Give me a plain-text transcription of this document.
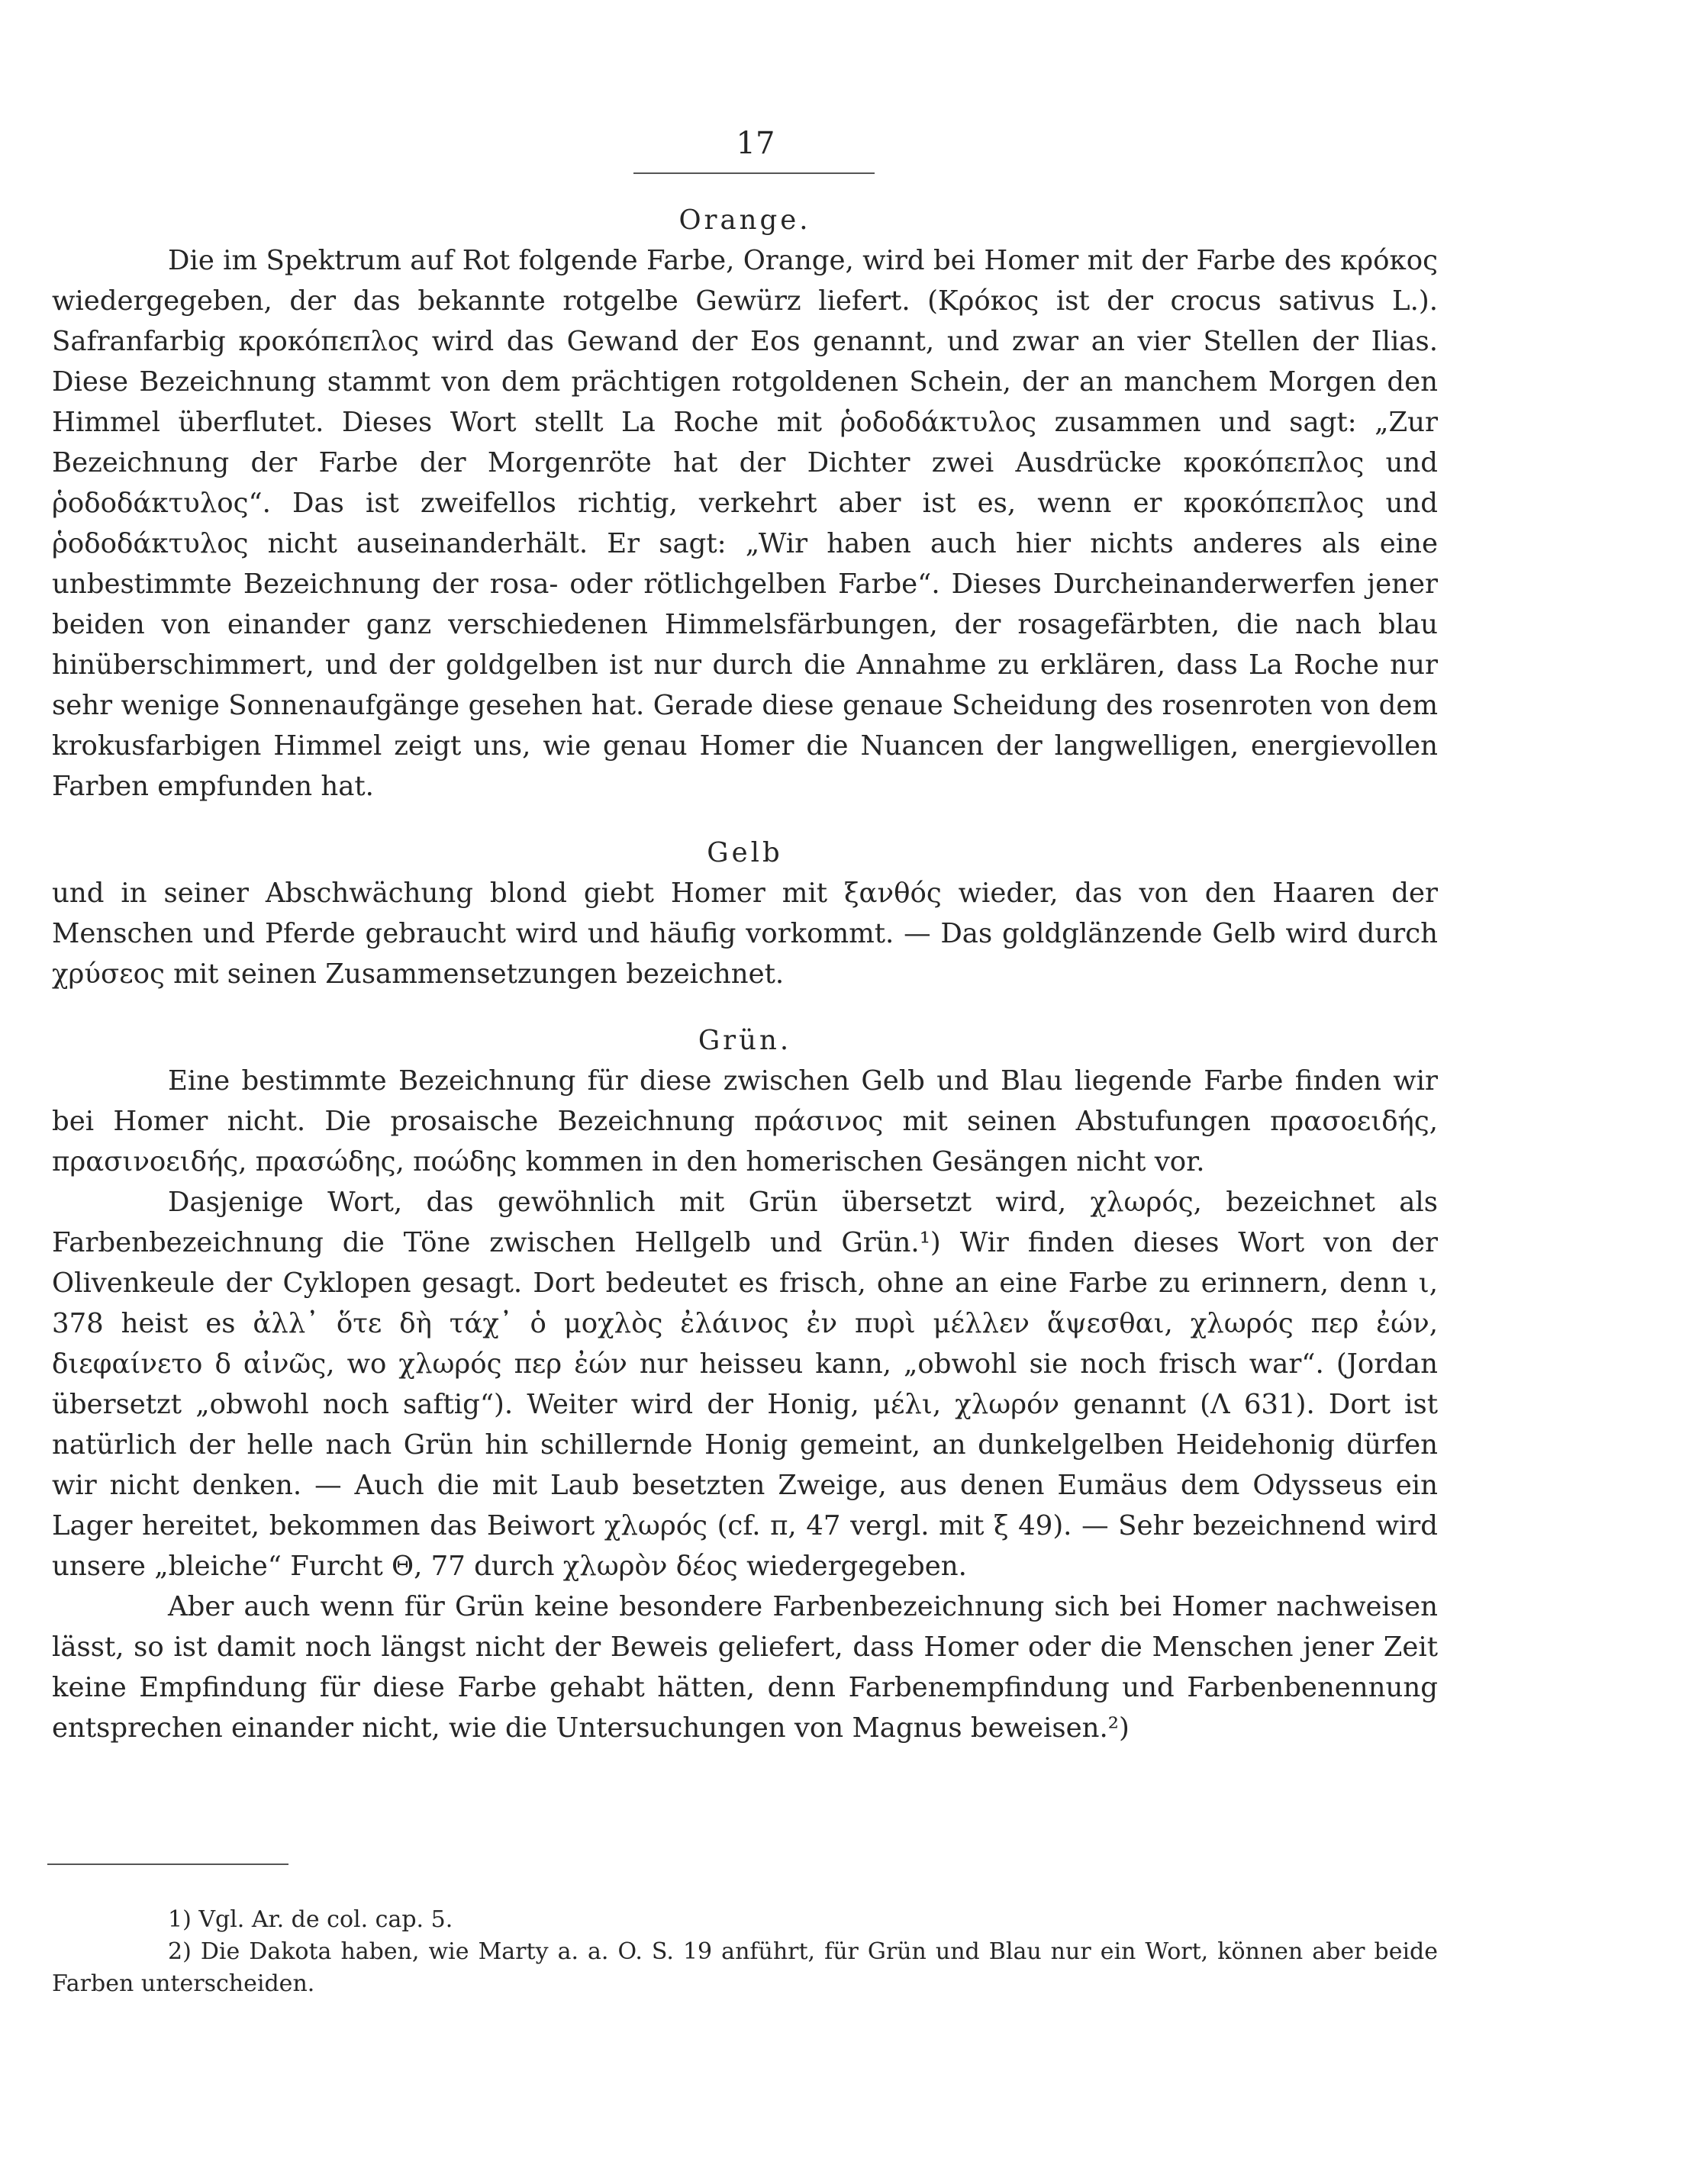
17
Orange.

Die im Spektrum auf Rot folgende Farbe, Orange, wird bei Homer mit der Farbe des κρόκος wiedergegeben, der das bekannte rotgelbe Gewürz liefert. (Κρόκος ist der crocus sativus L.). Safranfarbig κροκόπεπλος wird das Gewand der Eos genannt, und zwar an vier Stellen der Ilias. Diese Bezeichnung stammt von dem prächtigen rotgoldenen Schein, der an manchem Morgen den Himmel überflutet. Dieses Wort stellt La Roche mit ῥοδοδάκτυλος zusammen und sagt: „Zur Bezeichnung der Farbe der Morgenröte hat der Dichter zwei Ausdrücke κροκόπεπλος und ῥοδοδάκτυλος“. Das ist zweifellos richtig, verkehrt aber ist es, wenn er κροκόπεπλος und ῥοδοδάκτυλος nicht auseinanderhält. Er sagt: „Wir haben auch hier nichts anderes als eine unbestimmte Bezeichnung der rosa- oder rötlichgelben Farbe“. Dieses Durcheinanderwerfen jener beiden von einander ganz verschiedenen Himmelsfärbungen, der rosagefärbten, die nach blau hinüberschimmert, und der goldgelben ist nur durch die Annahme zu erklären, dass La Roche nur sehr wenige Sonnenaufgänge gesehen hat. Gerade diese genaue Scheidung des rosenroten von dem krokusfarbigen Himmel zeigt uns, wie genau Homer die Nuancen der langwelligen, energievollen Farben empfunden hat.

Gelb

und in seiner Abschwächung blond giebt Homer mit ξανθός wieder, das von den Haaren der Menschen und Pferde gebraucht wird und häufig vorkommt. — Das goldglänzende Gelb wird durch χρύσεος mit seinen Zusammensetzungen bezeichnet.

Grün.

Eine bestimmte Bezeichnung für diese zwischen Gelb und Blau liegende Farbe finden wir bei Homer nicht. Die prosaische Bezeichnung πράσινος mit seinen Abstufungen πρασοειδής, πρασινοειδής, πρασώδης, ποώδης kommen in den homerischen Gesängen nicht vor.

Dasjenige Wort, das gewöhnlich mit Grün übersetzt wird, χλωρός, bezeichnet als Farbenbezeichnung die Töne zwischen Hellgelb und Grün.¹) Wir finden dieses Wort von der Olivenkeule der Cyklopen gesagt. Dort bedeutet es frisch, ohne an eine Farbe zu erinnern, denn ι, 378 heist es ἀλλ᾽ ὅτε δὴ τάχ᾽ ὁ μοχλὸς ἐλάινος ἐν πυρὶ μέλλεν ἅψεσθαι, χλωρός περ ἐών, διεφαίνετο δ αἰνῶς, wo χλωρός περ ἐών nur heisseu kann, „obwohl sie noch frisch war“. (Jordan übersetzt „obwohl noch saftig“). Weiter wird der Honig, μέλι, χλωρόν genannt (Λ 631). Dort ist natürlich der helle nach Grün hin schillernde Honig gemeint, an dunkelgelben Heidehonig dürfen wir nicht denken. — Auch die mit Laub besetzten Zweige, aus denen Eumäus dem Odysseus ein Lager hereitet, bekommen das Beiwort χλωρός (cf. π, 47 vergl. mit ξ 49). — Sehr bezeichnend wird unsere „bleiche“ Furcht Θ, 77 durch χλωρὸν δέος wiedergegeben.

Aber auch wenn für Grün keine besondere Farbenbezeichnung sich bei Homer nachweisen lässt, so ist damit noch längst nicht der Beweis geliefert, dass Homer oder die Menschen jener Zeit keine Empfindung für diese Farbe gehabt hätten, denn Farbenempfindung und Farbenbenennung entsprechen einander nicht, wie die Untersuchungen von Magnus beweisen.²)

1) Vgl. Ar. de col. cap. 5.

2) Die Dakota haben, wie Marty a. a. O. S. 19 anführt, für Grün und Blau nur ein Wort, können aber beide Farben unterscheiden.
